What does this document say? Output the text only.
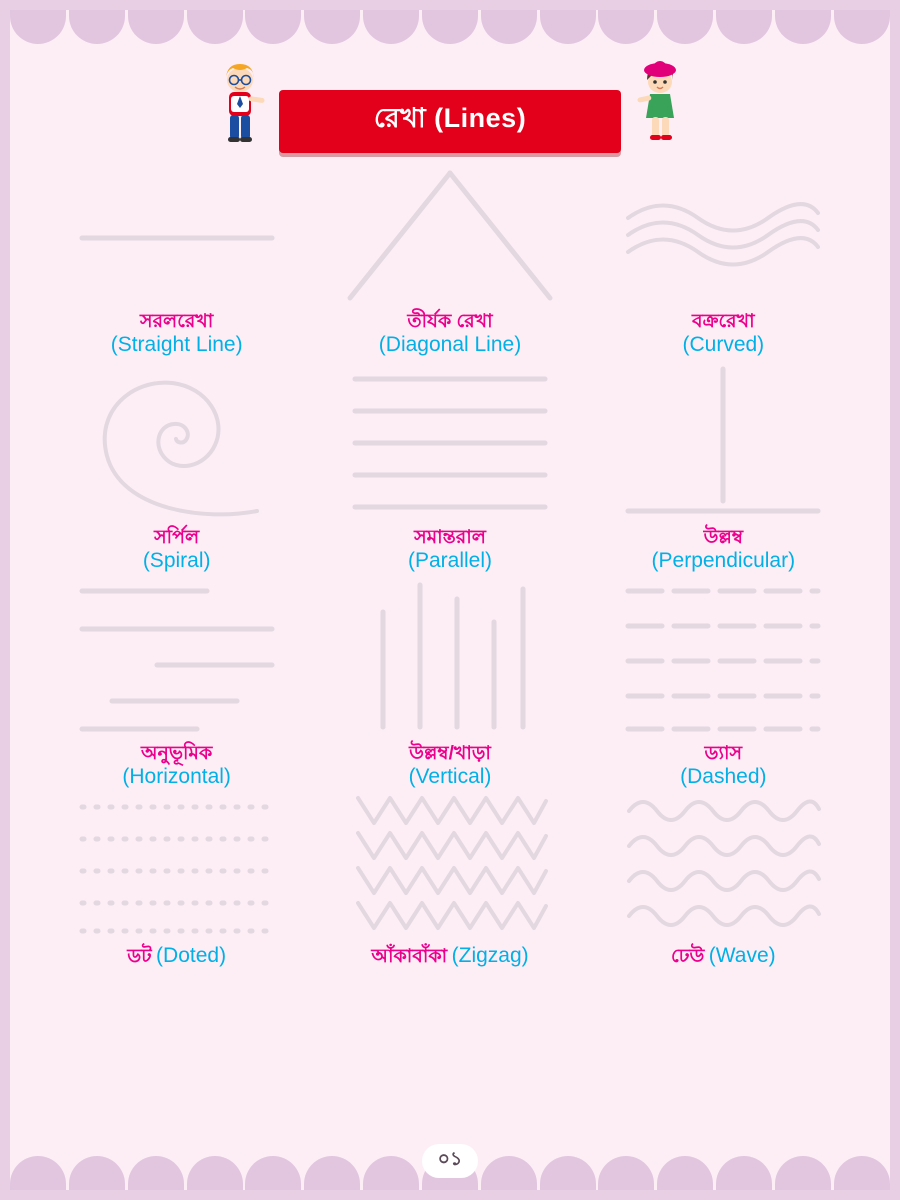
রেখা (Lines)
সরলরেখা
(Straight Line)
তীর্যক রেখা
(Diagonal Line)
বক্ররেখা
(Curved)
সর্পিল
(Spiral)
সমান্তরাল
(Parallel)
উল্লম্ব
(Perpendicular)
অনুভূমিক
(Horizontal)
উল্লম্ব/খাড়া
(Vertical)
ড্যাস
(Dashed)
ডট (Doted)	আঁকাবাঁকা (Zigzag)	ঢেউ (Wave)
০১
